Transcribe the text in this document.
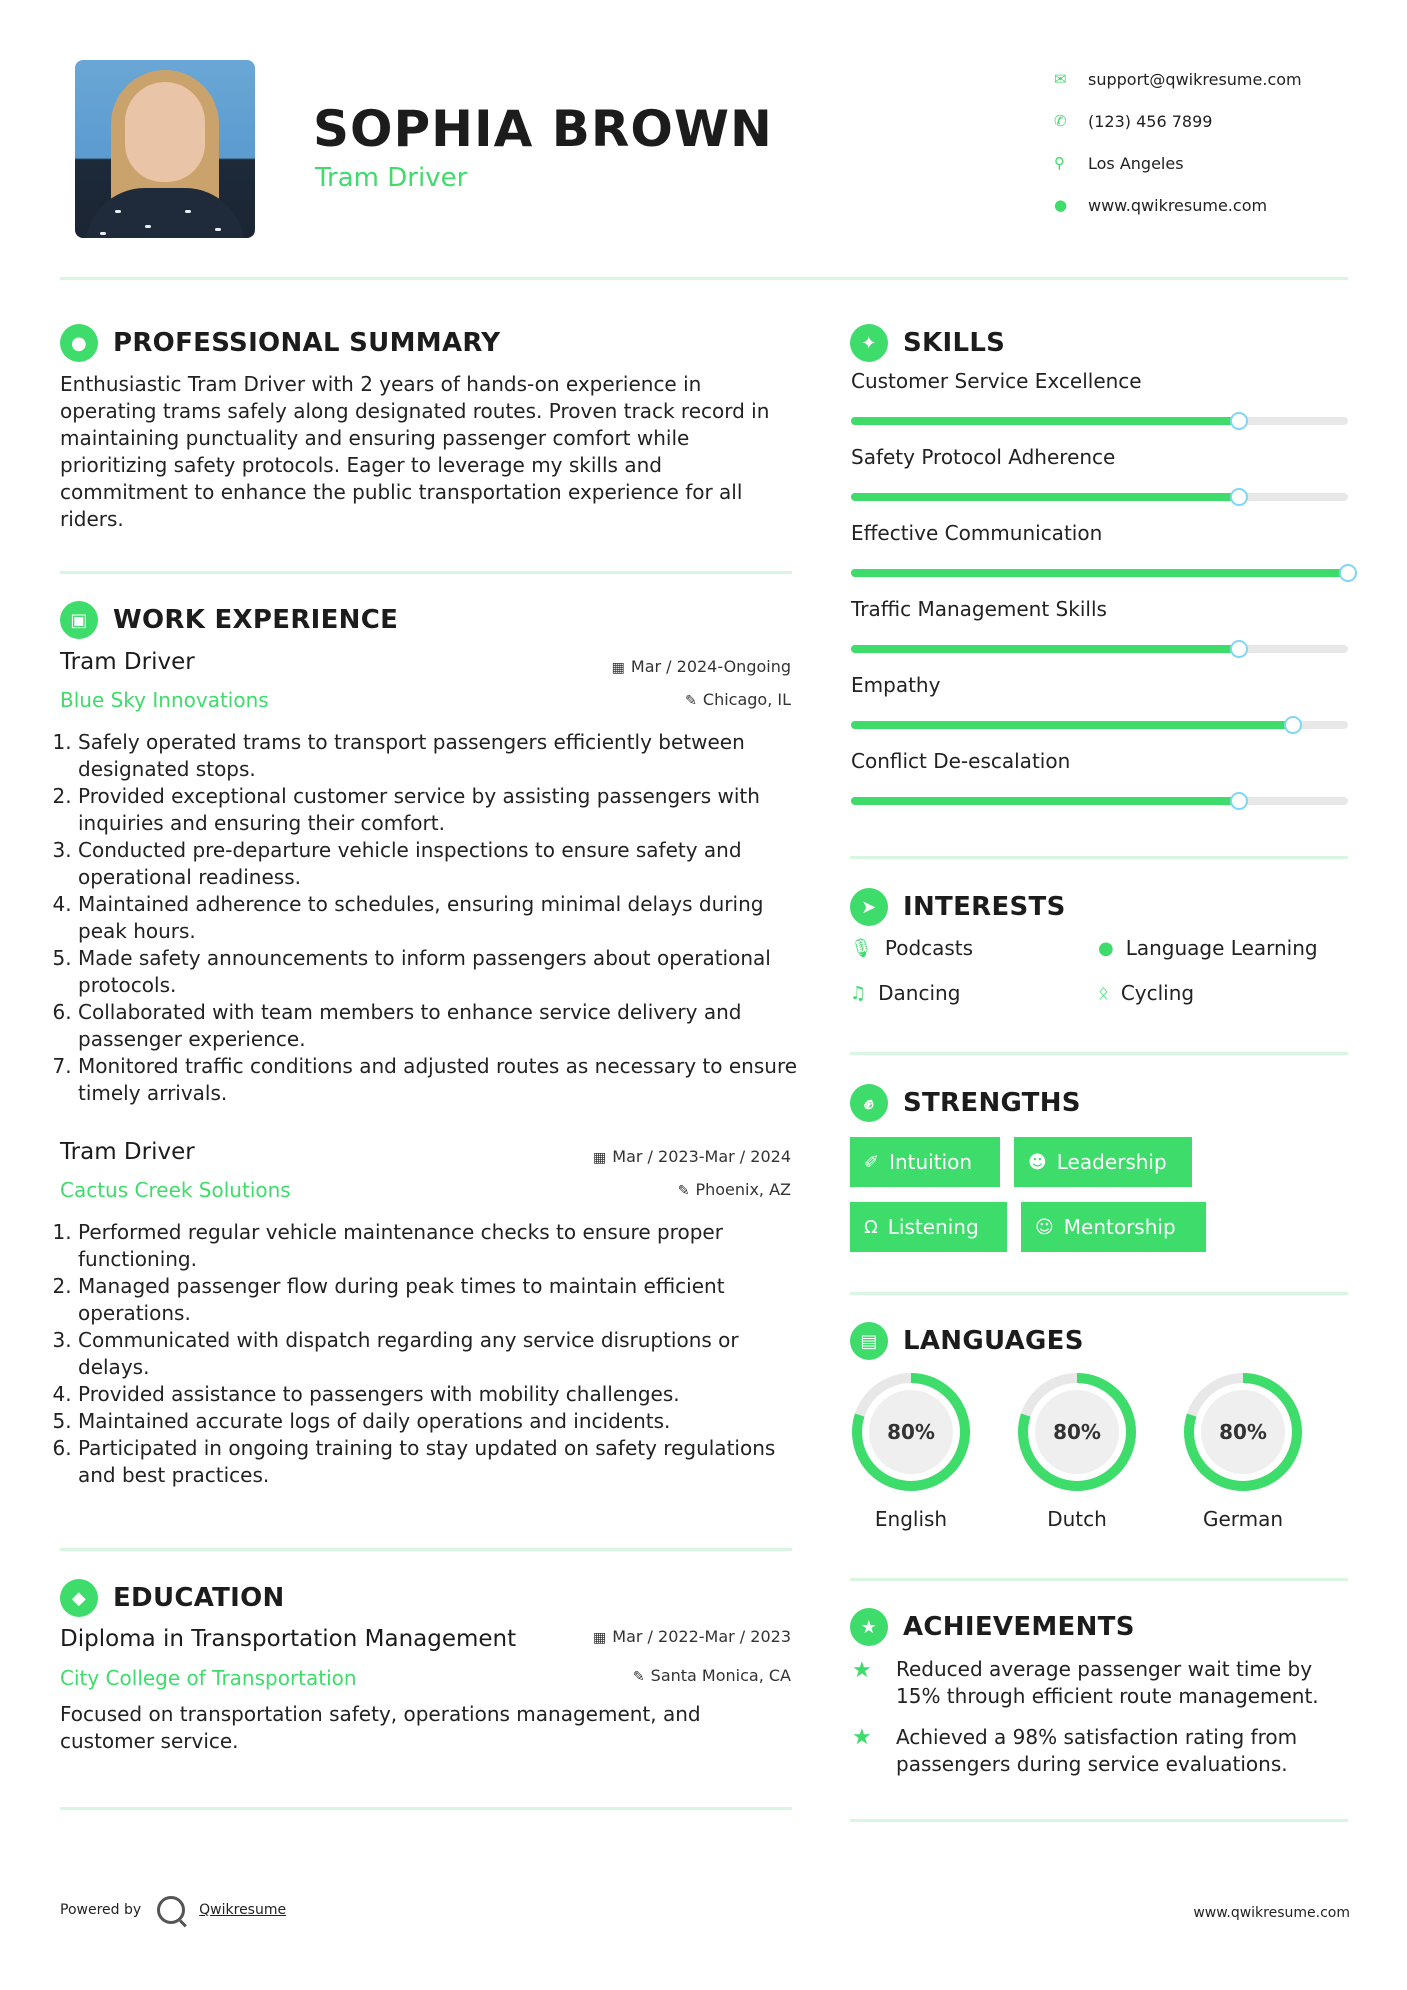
SOPHIA BROWN
Tram Driver
✉	support@qwikresume.com
✆	(123) 456 7899
⚲	Los Angeles
●	www.qwikresume.com
●	PROFESSIONAL SUMMARY
Enthusiastic Tram Driver with 2 years of hands-on experience in operating trams safely along designated routes. Proven track record in maintaining punctuality and ensuring passenger comfort while prioritizing safety protocols. Eager to leverage my skills and commitment to enhance the public transportation experience for all riders.
▣ WORK EXPERIENCE
Tram Driver	▦ Mar / 2024-Ongoing
Blue Sky Innovations	✎ Chicago, IL
1. Safely operated trams to transport passengers efficiently between designated stops.
2. Provided exceptional customer service by assisting passengers with inquiries and ensuring their comfort.
3. Conducted pre-departure vehicle inspections to ensure safety and operational readiness.
4. Maintained adherence to schedules, ensuring minimal delays during peak hours.
5. Made safety announcements to inform passengers about operational protocols.
6. Collaborated with team members to enhance service delivery and passenger experience.
7. Monitored traffic conditions and adjusted routes as necessary to ensure timely arrivals.
Tram Driver	▦ Mar / 2023-Mar / 2024
Cactus Creek Solutions	✎ Phoenix, AZ
1. Performed regular vehicle maintenance checks to ensure proper functioning.
2. Managed passenger flow during peak times to maintain efficient operations.
3. Communicated with dispatch regarding any service disruptions or delays.
4. Provided assistance to passengers with mobility challenges.
5. Maintained accurate logs of daily operations and incidents.
6. Participated in ongoing training to stay updated on safety regulations and best practices.
◆	EDUCATION
Diploma in Transportation Management	▦ Mar / 2022-Mar / 2023
City College of Transportation	✎ Santa Monica, CA
Focused on transportation safety, operations management, and customer service.
✦	SKILLS
Customer Service Excellence
Safety Protocol Adherence
Effective Communication
Traffic Management Skills
Empathy
Conflict De-escalation
➤	INTERESTS
🎙︎ Podcasts	● Language Learning
♫ Dancing	ᛟ Cycling
✊︎	STRENGTHS
✐ Intuition	☻ Leadership
Ω Listening	☺ Mentorship
▤ LANGUAGES
80%
English
80%
Dutch
80%
German
★ ACHIEVEMENTS
★ Reduced average passenger wait time by 15% through efficient route management.
★ Achieved a 98% satisfaction rating from passengers during service evaluations.
Powered by	Qwikresume	www.qwikresume.com
